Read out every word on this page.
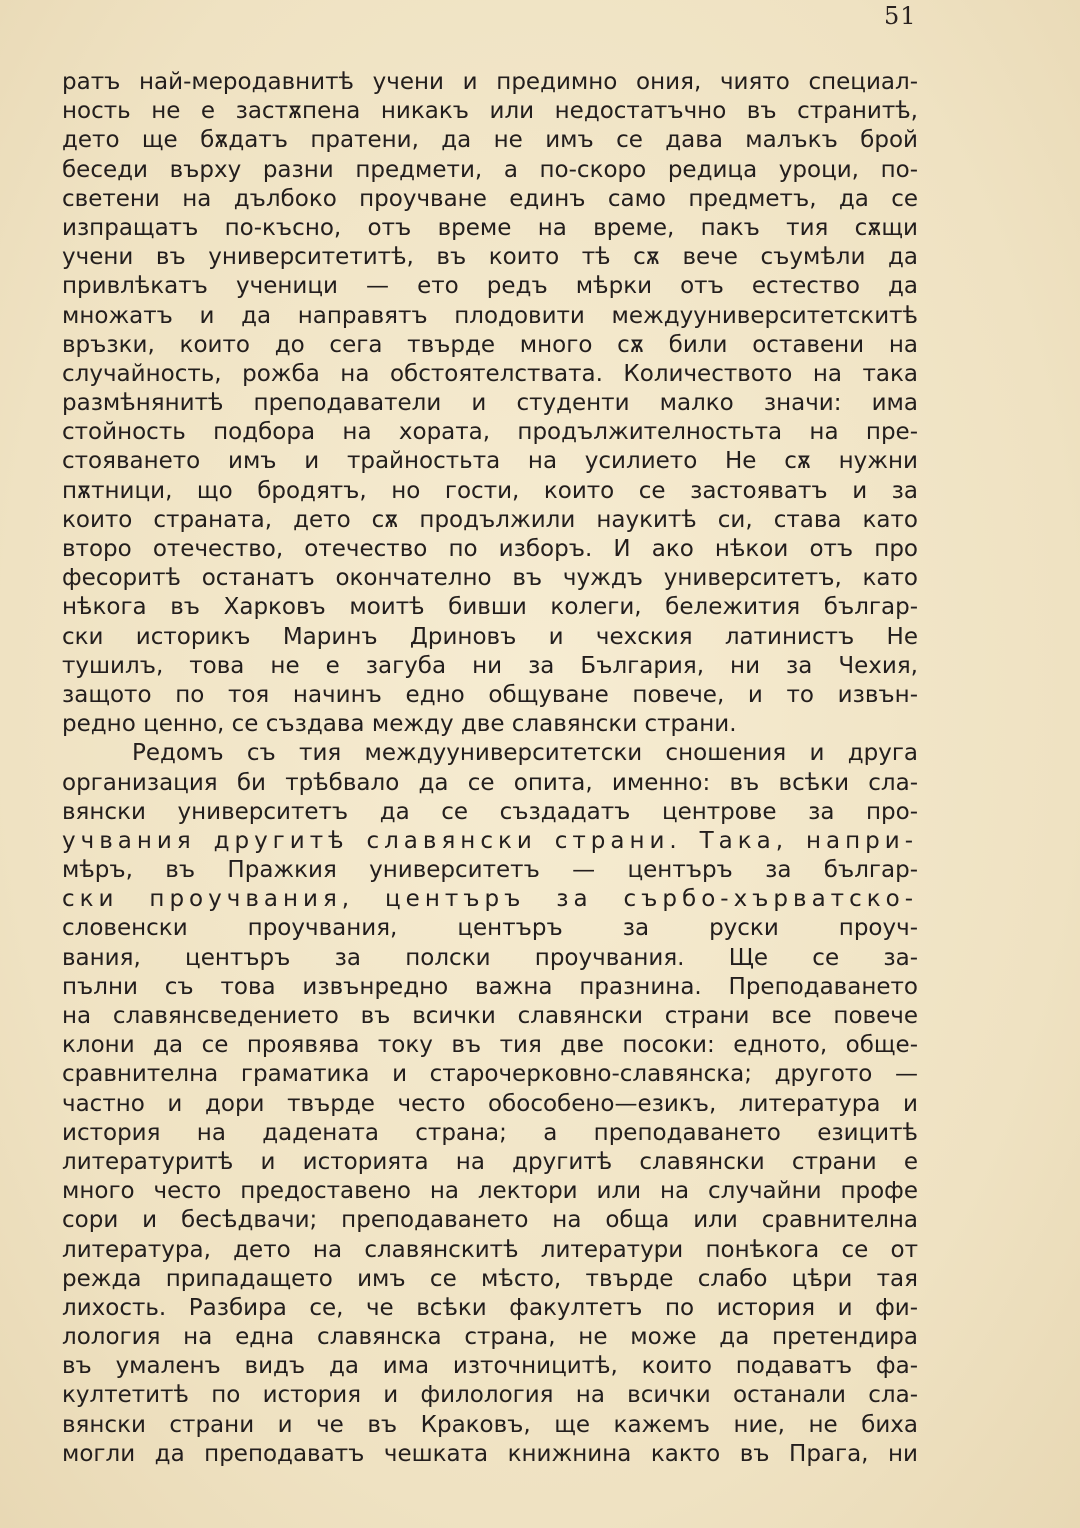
51
ратъ най-меродавнитѣ учени и предимно ония, чиято специал-
ность не е застѫпена никакъ или недостатъчно въ странитѣ,
дето ще бѫдатъ пратени, да не имъ се дава малъкъ брой
беседи върху разни предмети, а по-скоро редица уроци, по-
светени на дълбоко проучване единъ само предметъ, да се
изпращатъ по-късно, отъ време на време, пакъ тия сѫщи
учени въ университетитѣ, въ които тѣ сѫ вече съумѣли да
привлѣкатъ ученици — ето редъ мѣрки отъ естество да
множатъ и да направятъ плодовити междууниверситетскитѣ
връзки, които до сега твърде много сѫ били оставени на
случайность, рожба на обстоятелствата. Количеството на така
размѣнянитѣ преподаватели и студенти малко значи: има
стойность подбора на хората, продължителностьта на пре-
стояването имъ и трайностьта на усилието Не сѫ нужни
пѫтници, що бродятъ, но гости, които се застояватъ и за
които страната, дето сѫ продължили наукитѣ си, става като
второ отечество, отечество по изборъ. И ако нѣкои отъ про
фесоритѣ останатъ окончателно въ чуждъ университетъ, като
нѣкога въ Харковъ моитѣ бивши колеги, бележития българ-
ски историкъ Маринъ Дриновъ и чехския латинистъ Не
тушилъ, това не е загуба ни за България, ни за Чехия,
защото по тоя начинъ едно общуване повече, и то извън-
редно ценно, се създава между две славянски страни.
Редомъ съ тия междууниверситетски сношения и друга
организация би трѣбвало да се опита, именно: въ всѣки сла-
вянски университетъ да се създадатъ центрове за про-
учвания другитѣ славянски страни. Така, напри-
мѣръ, въ Пражкия университетъ — центъръ за българ-
ски проучвания, центъръ за сърбо-хърватско-
словенски проучвания, центъръ за руски проуч-
вания, центъръ за полски проучвания. Ще се за-
пълни съ това извънредно важна празнина. Преподаването
на славянсведението въ всички славянски страни все повече
клони да се проявява току въ тия две посоки: едното, обще-
сравнителна граматика и старочерковно-славянска; другото —
частно и дори твърде често обособено—езикъ, литература и
история на дадената страна; а преподаването езицитѣ
литературитѣ и историята на другитѣ славянски страни е
много често предоставено на лектори или на случайни профе
сори и бесѣдвачи; преподаването на обща или сравнителна
литература, дето на славянскитѣ литератури понѣкога се от
режда припадащето имъ се мѣсто, твърде слабо цѣри тая
лихость. Разбира се, че всѣки факултетъ по история и фи-
лология на една славянска страна, не може да претендира
въ умаленъ видъ да има източницитѣ, които подаватъ фа-
култетитѣ по история и филология на всички останали сла-
вянски страни и че въ Краковъ, ще кажемъ ние, не биха
могли да преподаватъ чешката книжнина както въ Прага, ни
